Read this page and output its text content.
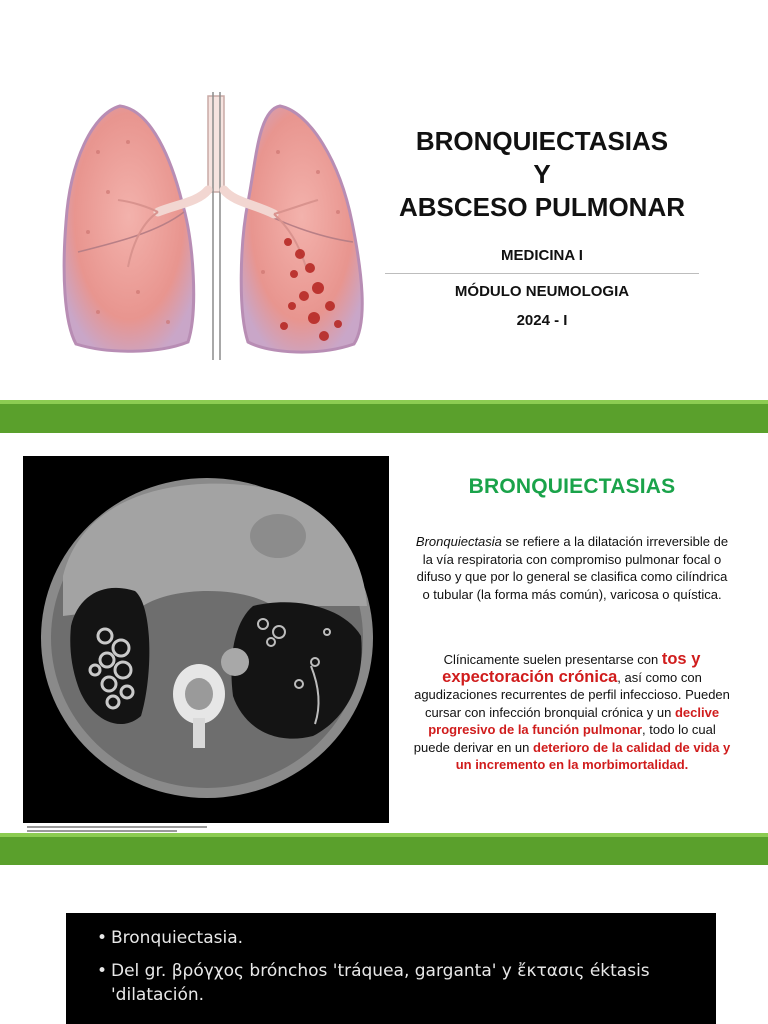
BRONQUIECTASIAS
Y
ABSCESO PULMONAR
MEDICINA I
MÓDULO NEUMOLOGIA
2024 - I
BRONQUIECTASIAS

Bronquiectasia se refiere a la dilatación irreversible de la vía respiratoria con compromiso pulmonar focal o difuso y que por lo general se clasifica como cilíndrica o tubular (la forma más común), varicosa o quística.

Clínicamente suelen presentarse con tos y expectoración crónica, así como con agudizaciones recurrentes de perfil infeccioso. Pueden cursar con infección bronquial crónica y un declive progresivo de la función pulmonar, todo lo cual puede derivar en un deterioro de la calidad de vida y un incremento en la morbimortalidad.

• Bronquiectasia.
• Del gr. βρόγχος brónchos 'tráquea, garganta' y ἔκτασις éktasis
'dilatación.
